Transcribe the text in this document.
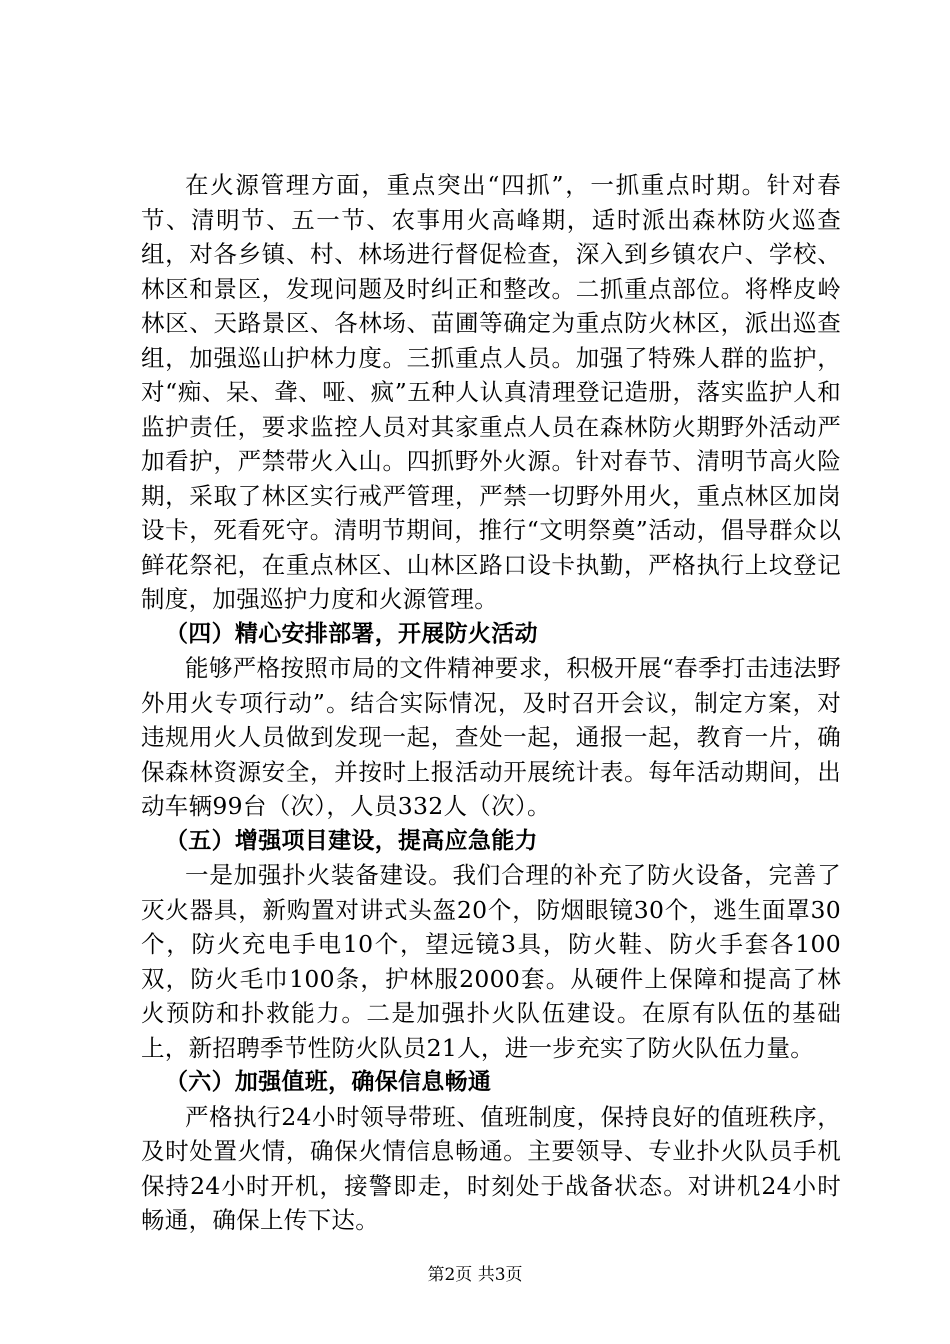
在火源管理方面，重点突出“四抓”，一抓重点时期。针对春节、清明节、五一节、农事用火高峰期，适时派出森林防火巡查组，对各乡镇、村、林场进行督促检查，深入到乡镇农户、学校、林区和景区，发现问题及时纠正和整改。二抓重点部位。将桦皮岭林区、天路景区、各林场、苗圃等确定为重点防火林区，派出巡查组，加强巡山护林力度。三抓重点人员。加强了特殊人群的监护，对“痴、呆、聋、哑、疯”五种人认真清理登记造册，落实监护人和监护责任，要求监控人员对其家重点人员在森林防火期野外活动严加看护，严禁带火入山。四抓野外火源。针对春节、清明节高火险期，采取了林区实行戒严管理，严禁一切野外用火，重点林区加岗设卡，死看死守。清明节期间，推行“文明祭奠”活动，倡导群众以鲜花祭祀，在重点林区、山林区路口设卡执勤，严格执行上坟登记制度，加强巡护力度和火源管理。

（四）精心安排部署，开展防火活动

能够严格按照市局的文件精神要求，积极开展“春季打击违法野外用火专项行动”。结合实际情况，及时召开会议，制定方案，对违规用火人员做到发现一起，查处一起，通报一起，教育一片，确保森林资源安全，并按时上报活动开展统计表。每年活动期间，出动车辆99台（次），人员332人（次）。

（五）增强项目建设，提高应急能力

一是加强扑火装备建设。我们合理的补充了防火设备，完善了灭火器具，新购置对讲式头盔20个，防烟眼镜30个，逃生面罩30个，防火充电手电10个，望远镜3具，防火鞋、防火手套各100双，防火毛巾100条，护林服2000套。从硬件上保障和提高了林火预防和扑救能力。二是加强扑火队伍建设。在原有队伍的基础上，新招聘季节性防火队员21人，进一步充实了防火队伍力量。

（六）加强值班，确保信息畅通

严格执行24小时领导带班、值班制度，保持良好的值班秩序，及时处置火情，确保火情信息畅通。主要领导、专业扑火队员手机保持24小时开机，接警即走，时刻处于战备状态。对讲机24小时畅通，确保上传下达。

第2页 共3页
